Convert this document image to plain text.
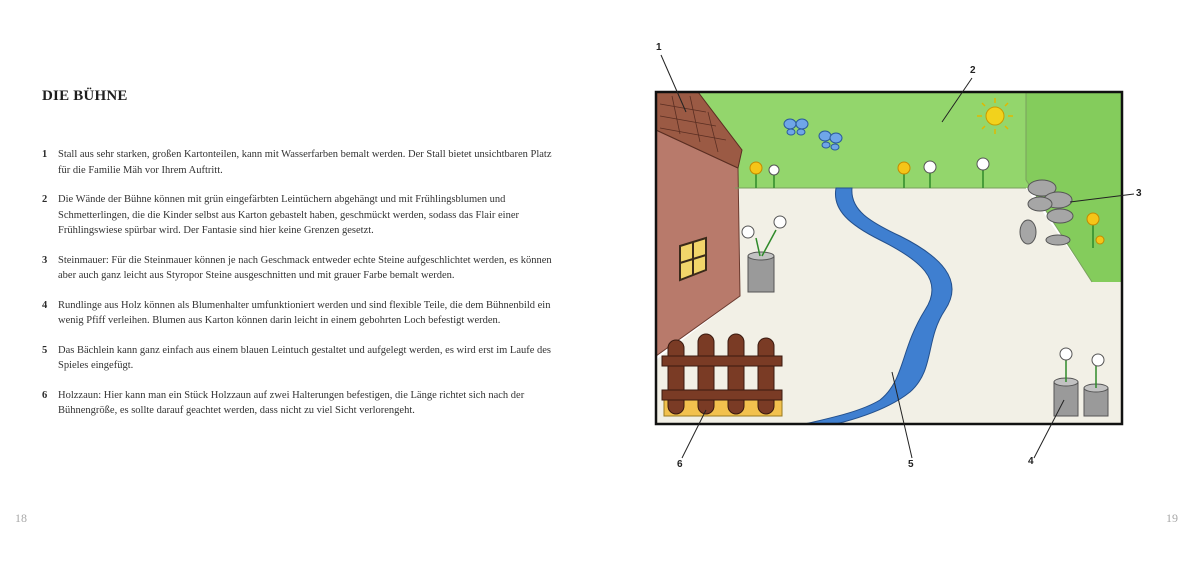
DIE BÜHNE
1	Stall aus sehr starken, großen Kartonteilen, kann mit Wasserfarben bemalt werden. Der Stall bietet unsichtbaren Platz für die Familie Mäh vor Ihrem Auftritt.
2	Die Wände der Bühne können mit grün eingefärbten Leintüchern abgehängt und mit Frühlingsblumen und Schmetterlingen, die die Kinder selbst aus Karton gebastelt haben, geschmückt werden, sodass das Flair einer Frühlingswiese spürbar wird. Der Fantasie sind hier keine Grenzen gesetzt.
3	Steinmauer: Für die Steinmauer können je nach Geschmack entweder echte Steine aufgeschlichtet werden, es können aber auch ganz leicht aus Styropor Steine ausgeschnitten und mit grauer Farbe bemalt werden.
4	Rundlinge aus Holz können als Blumenhalter umfunktioniert werden und sind flexible Teile, die dem Bühnenbild ein wenig Pfiff verleihen. Blumen aus Karton können darin leicht in einem gebohrten Loch befestigt werden.
5	Das Bächlein kann ganz einfach aus einem blauen Leintuch gestaltet und aufgelegt werden, es wird erst im Laufe des Spieles eingefügt.
6	Holzzaun: Hier kann man ein Stück Holzzaun auf zwei Halterungen befestigen, die Länge richtet sich nach der Bühnengröße, es sollte darauf geachtet werden, dass nicht zu viel Sicht verlorengeht.
18	19
1
2
3
4
5
6
